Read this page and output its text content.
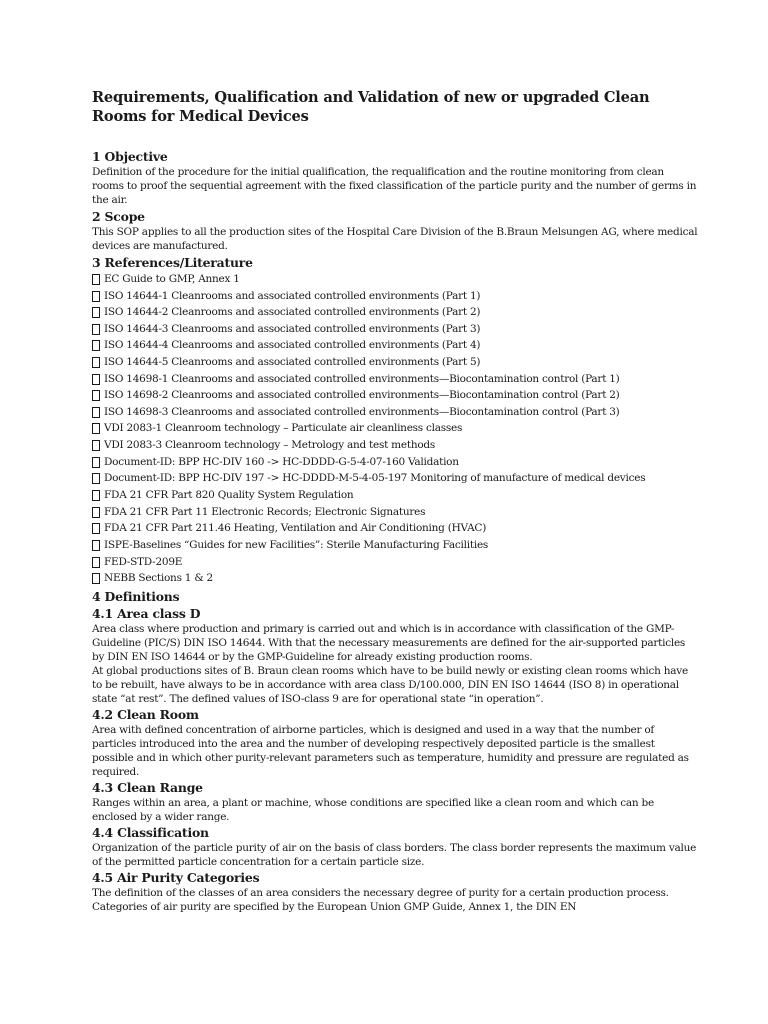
Requirements, Qualification and Validation of new or upgraded Clean Rooms for Medical Devices
1 Objective

Definition of the procedure for the initial qualification, the requalification and the routine monitoring from clean rooms to proof the sequential agreement with the fixed classification of the particle purity and the number of germs in the air.

2 Scope

This SOP applies to all the production sites of the Hospital Care Division of the B.Braun Melsungen AG, where medical devices are manufactured.

3 References/Literature
EC Guide to GMP, Annex 1
ISO 14644-1 Cleanrooms and associated controlled environments (Part 1)
ISO 14644-2 Cleanrooms and associated controlled environments (Part 2)
ISO 14644-3 Cleanrooms and associated controlled environments (Part 3)
ISO 14644-4 Cleanrooms and associated controlled environments (Part 4)
ISO 14644-5 Cleanrooms and associated controlled environments (Part 5)
ISO 14698-1 Cleanrooms and associated controlled environments—Biocontamination control (Part 1)
ISO 14698-2 Cleanrooms and associated controlled environments—Biocontamination control (Part 2)
ISO 14698-3 Cleanrooms and associated controlled environments—Biocontamination control (Part 3)
VDI 2083-1 Cleanroom technology – Particulate air cleanliness classes
VDI 2083-3 Cleanroom technology – Metrology and test methods
Document-ID: BPP HC-DIV 160 -> HC-DDDD-G-5-4-07-160 Validation
Document-ID: BPP HC-DIV 197 -> HC-DDDD-M-5-4-05-197 Monitoring of manufacture of medical devices
FDA 21 CFR Part 820 Quality System Regulation
FDA 21 CFR Part 11 Electronic Records; Electronic Signatures
FDA 21 CFR Part 211.46 Heating, Ventilation and Air Conditioning (HVAC)
ISPE-Baselines “Guides for new Facilities”: Sterile Manufacturing Facilities
FED-STD-209E
NEBB Sections 1 & 2
4 Definitions
4.1 Area class D

Area class where production and primary is carried out and which is in accordance with classification of the GMP-Guideline (PIC/S) DIN ISO 14644. With that the necessary measurements are defined for the air-supported particles by DIN EN ISO 14644 or by the GMP-Guideline for already existing production rooms.

At global productions sites of B. Braun clean rooms which have to be build newly or existing clean rooms which have to be rebuilt, have always to be in accordance with area class D/100.000, DIN EN ISO 14644 (ISO 8) in operational state “at rest”. The defined values of ISO-class 9 are for operational state “in operation”.

4.2 Clean Room

Area with defined concentration of airborne particles, which is designed and used in a way that the number of particles introduced into the area and the number of developing respectively deposited particle is the smallest possible and in which other purity-relevant parameters such as temperature, humidity and pressure are regulated as required.

4.3 Clean Range

Ranges within an area, a plant or machine, whose conditions are specified like a clean room and which can be enclosed by a wider range.

4.4 Classification

Organization of the particle purity of air on the basis of class borders. The class border represents the maximum value of the permitted particle concentration for a certain particle size.

4.5 Air Purity Categories

The definition of the classes of an area considers the necessary degree of purity for a certain production process. Categories of air purity are specified by the European Union GMP Guide, Annex 1, the DIN EN
